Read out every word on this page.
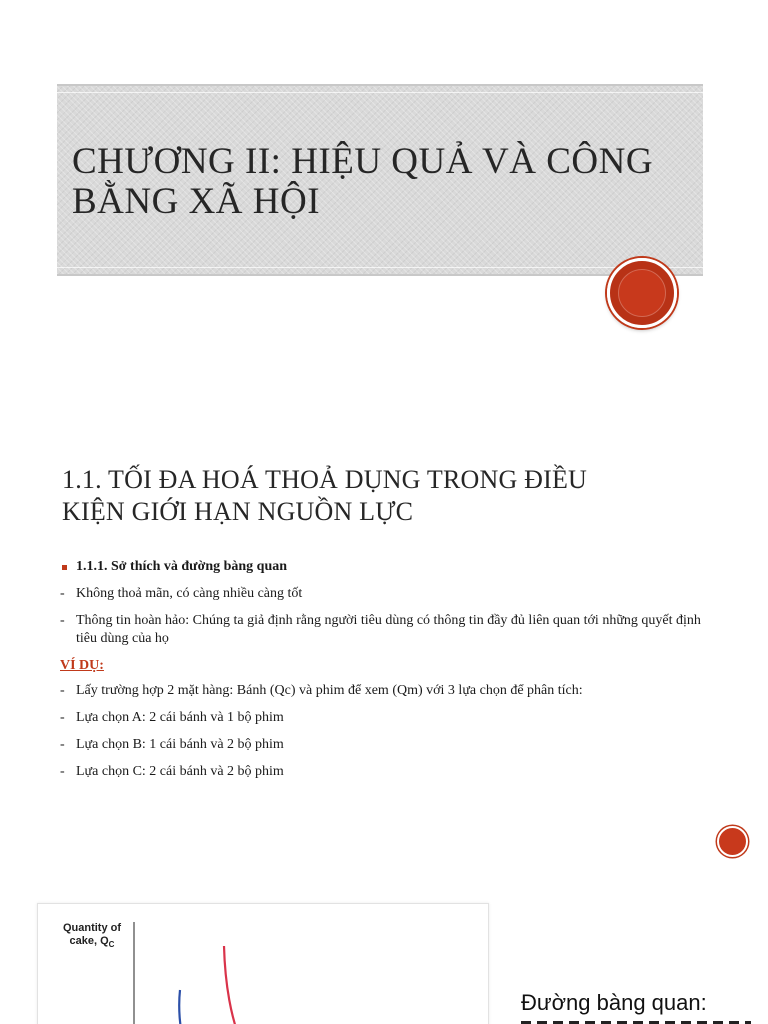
CHƯƠNG II: HIỆU QUẢ VÀ CÔNG
BẰNG XÃ HỘI
1.1. TỐI ĐA HOÁ THOẢ DỤNG TRONG ĐIỀU
KIỆN GIỚI HẠN NGUỒN LỰC
1.1.1. Sở thích và đường bàng quan
- Không thoả mãn, có càng nhiều càng tốt
- Thông tin hoàn hảo: Chúng ta giả định rằng người tiêu dùng có thông tin đầy đủ liên quan tới những quyết định tiêu dùng của họ
VÍ DỤ:
- Lấy trường hợp 2 mặt hàng: Bánh (Qc) và phim để xem (Qm) với 3 lựa chọn để phân tích:
- Lựa chọn A: 2 cái bánh và 1 bộ phim
- Lựa chọn B: 1 cái bánh và 2 bộ phim
- Lựa chọn C: 2 cái bánh và 2 bộ phim
Quantity of
cake, $Q_C$
Đường bàng quan:
